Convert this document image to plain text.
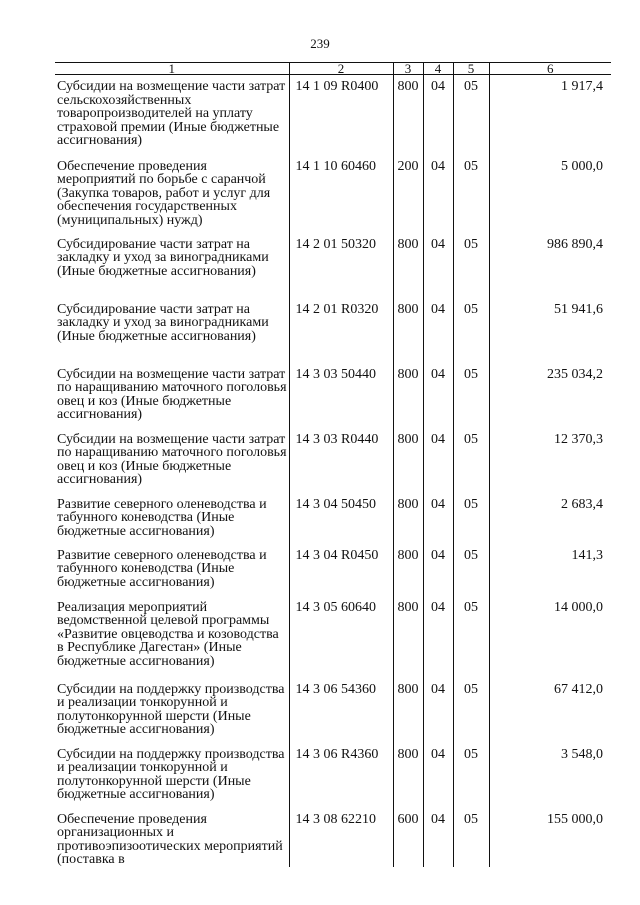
239
1	2	3	4	5	6
Субсидии на возмещение части затрат сельскохозяйственных товаропроизводителей на уплату страховой премии (Иные бюджетные ассигнования)	14 1 09 R0400	800	04	05	1 917,4
Обеспечение проведения мероприятий по борьбе с саранчой (Закупка товаров, работ и услуг для обеспечения государственных (муниципальных) нужд)	14 1 10 60460	200	04	05	5 000,0
Субсидирование части затрат на закладку и уход за виноградниками (Иные бюджетные ассигнования)	14 2 01 50320	800	04	05	986 890,4
Субсидирование части затрат на закладку и уход за виноградниками (Иные бюджетные ассигнования)	14 2 01 R0320	800	04	05	51 941,6
Субсидии на возмещение части затрат по наращиванию маточного поголовья овец и коз (Иные бюджетные ассигнования)	14 3 03 50440	800	04	05	235 034,2
Субсидии на возмещение части затрат по наращиванию маточного поголовья овец и коз (Иные бюджетные ассигнования)	14 3 03 R0440	800	04	05	12 370,3
Развитие северного оленеводства и табунного коневодства (Иные бюджетные ассигнования)	14 3 04 50450	800	04	05	2 683,4
Развитие северного оленеводства и табунного коневодства (Иные бюджетные ассигнования)	14 3 04 R0450	800	04	05	141,3
Реализация мероприятий ведомственной целевой программы «Развитие овцеводства и козоводства в Республике Дагестан» (Иные бюджетные ассигнования)	14 3 05 60640	800	04	05	14 000,0
Субсидии на поддержку производства и реализации тонкорунной и полутонкорунной шерсти (Иные бюджетные ассигнования)	14 3 06 54360	800	04	05	67 412,0
Субсидии на поддержку производства и реализации тонкорунной и полутонкорунной шерсти (Иные бюджетные ассигнования)	14 3 06 R4360	800	04	05	3 548,0
Обеспечение проведения организационных и противоэпизоотических мероприятий (поставка в	14 3 08 62210	600	04	05	155 000,0
